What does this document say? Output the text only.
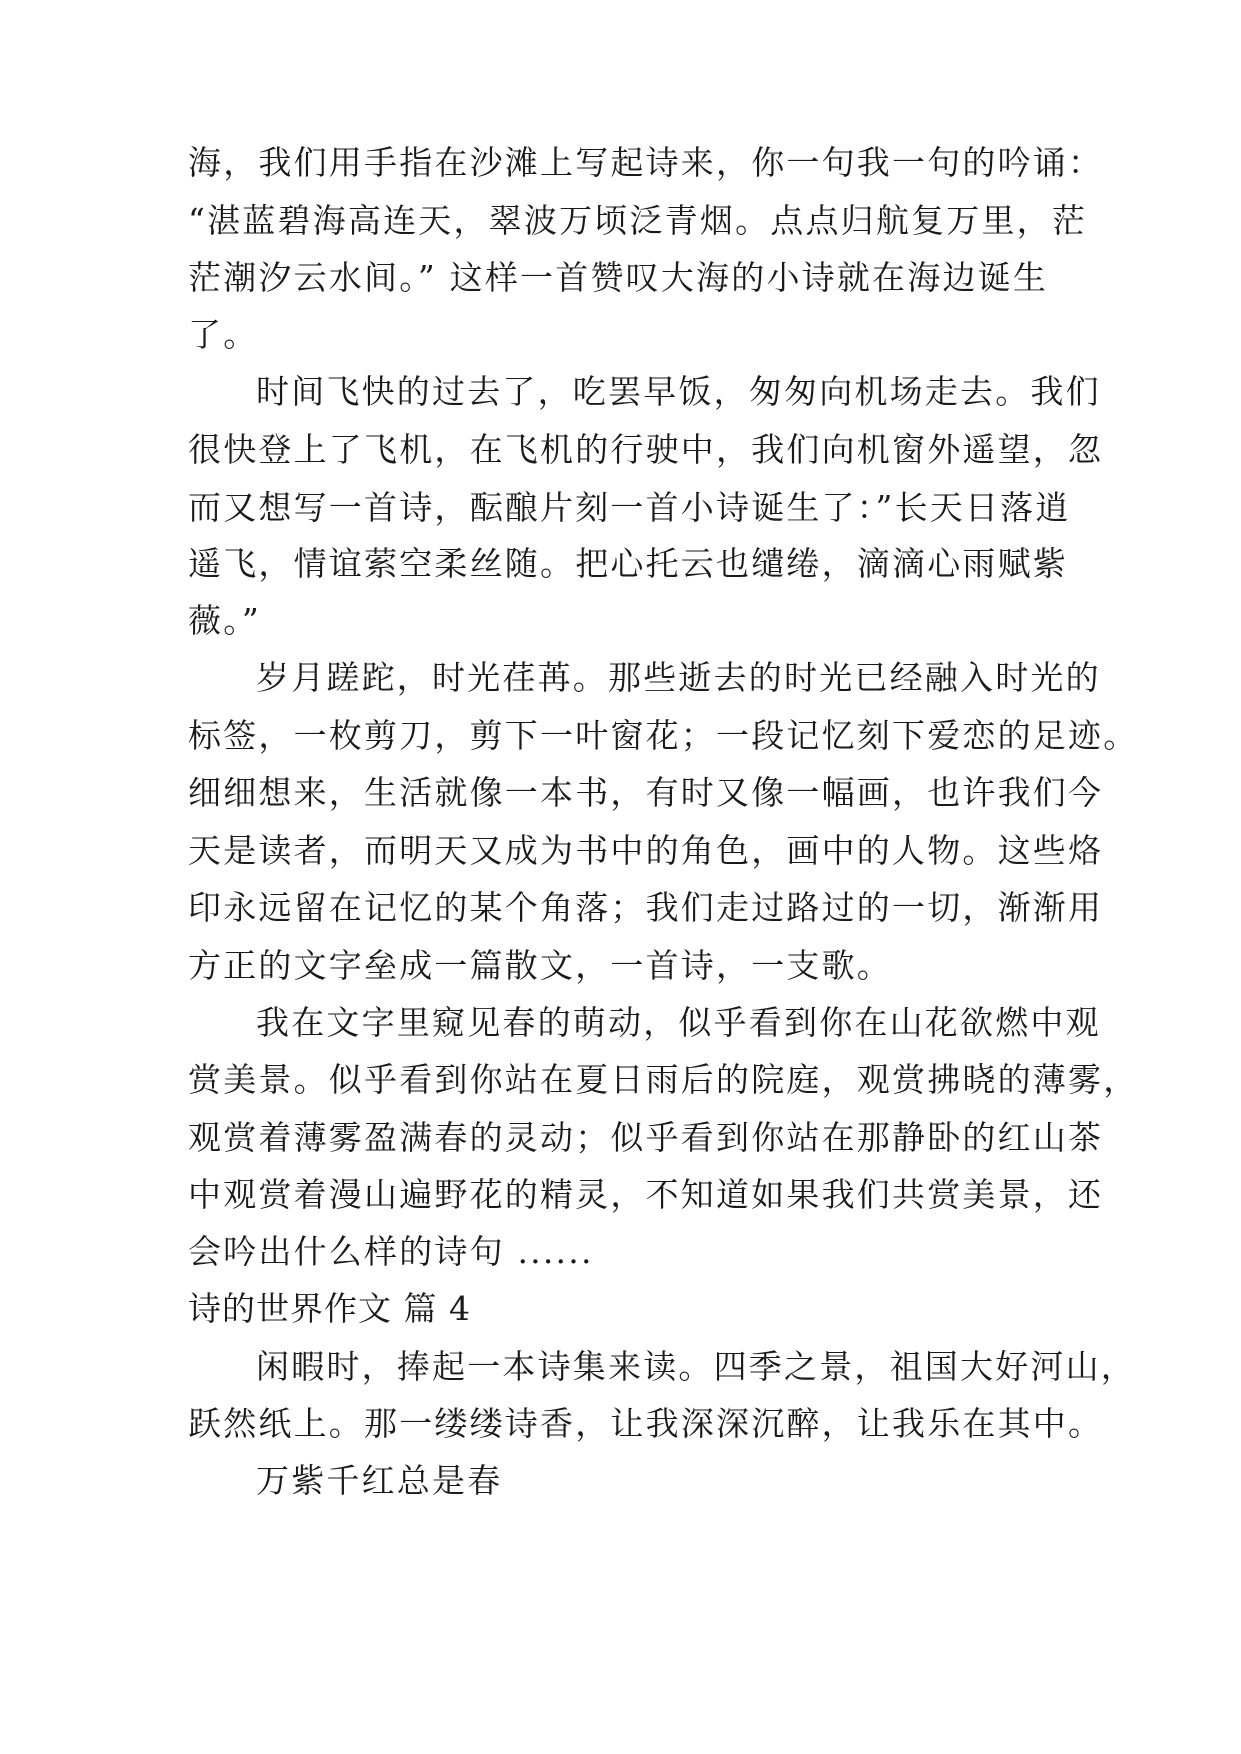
海，我们用手指在沙滩上写起诗来，你一句我一句的吟诵：
“湛蓝碧海高连天，翠波万顷泛青烟。点点归航复万里，茫
茫潮汐云水间。” 这样一首赞叹大海的小诗就在海边诞生
了。
时间飞快的过去了，吃罢早饭，匆匆向机场走去。我们
很快登上了飞机，在飞机的行驶中，我们向机窗外遥望，忽
而又想写一首诗，酝酿片刻一首小诗诞生了：”长天日落逍
遥飞，情谊萦空柔丝随。把心托云也缱绻，滴滴心雨赋紫
薇。”
岁月蹉跎，时光荏苒。那些逝去的时光已经融入时光的
标签，一枚剪刀，剪下一叶窗花；一段记忆刻下爱恋的足迹。
细细想来，生活就像一本书，有时又像一幅画，也许我们今
天是读者，而明天又成为书中的角色，画中的人物。这些烙
印永远留在记忆的某个角落；我们走过路过的一切，渐渐用
方正的文字垒成一篇散文，一首诗，一支歌。
我在文字里窥见春的萌动，似乎看到你在山花欲燃中观
赏美景。似乎看到你站在夏日雨后的院庭，观赏拂晓的薄雾，
观赏着薄雾盈满春的灵动；似乎看到你站在那静卧的红山茶
中观赏着漫山遍野花的精灵，不知道如果我们共赏美景，还
会吟出什么样的诗句 ......
诗的世界作文 篇 4
闲暇时，捧起一本诗集来读。四季之景，祖国大好河山，
跃然纸上。那一缕缕诗香，让我深深沉醉，让我乐在其中。
万紫千红总是春
